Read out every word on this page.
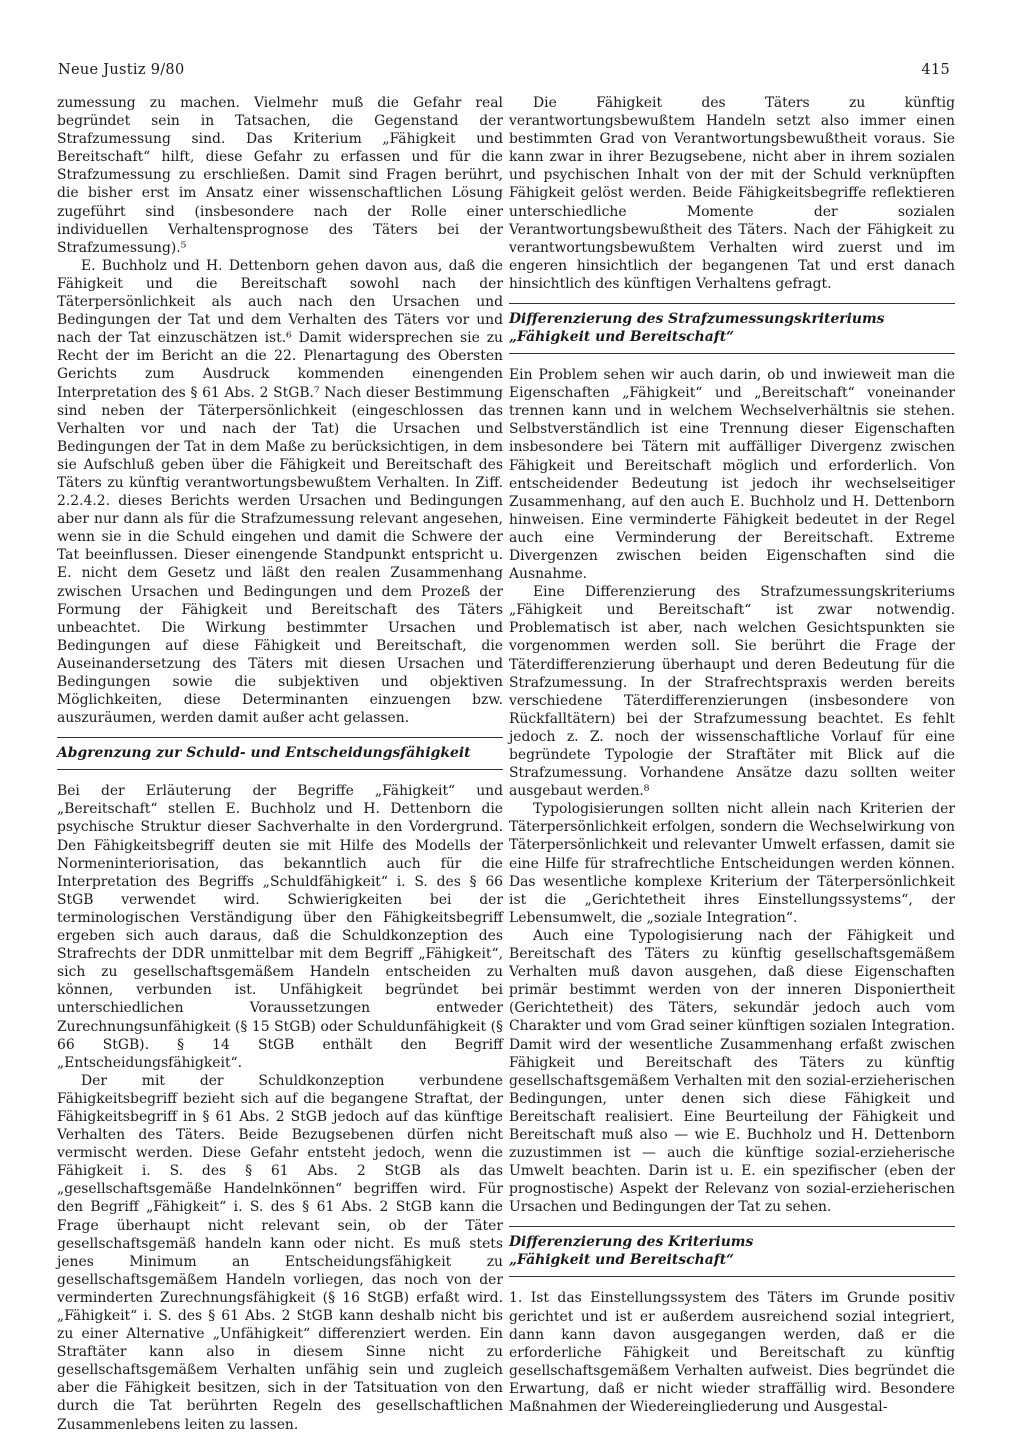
Neue Justiz 9/80	415

zumessung zu machen. Vielmehr muß die Gefahr real begründet sein in Tatsachen, die Gegenstand der Strafzumessung sind. Das Kriterium „Fähigkeit und Bereitschaft“ hilft, diese Gefahr zu erfassen und für die Strafzumessung zu erschließen. Damit sind Fragen berührt, die bisher erst im Ansatz einer wissenschaftlichen Lösung zugeführt sind (insbesondere nach der Rolle einer individuellen Verhaltensprognose des Täters bei der Strafzumessung).⁵

E. Buchholz und H. Dettenborn gehen davon aus, daß die Fähigkeit und die Bereitschaft sowohl nach der Täterpersönlichkeit als auch nach den Ursachen und Bedingungen der Tat und dem Verhalten des Täters vor und nach der Tat einzuschätzen ist.⁶ Damit widersprechen sie zu Recht der im Bericht an die 22. Plenartagung des Obersten Gerichts zum Ausdruck kommenden einengenden Interpretation des § 61 Abs. 2 StGB.⁷ Nach dieser Bestimmung sind neben der Täterpersönlichkeit (eingeschlossen das Verhalten vor und nach der Tat) die Ursachen und Bedingungen der Tat in dem Maße zu berücksichtigen, in dem sie Aufschluß geben über die Fähigkeit und Bereitschaft des Täters zu künftig verantwortungsbewußtem Verhalten. In Ziff. 2.2.4.2. dieses Berichts werden Ursachen und Bedingungen aber nur dann als für die Strafzumessung relevant angesehen, wenn sie in die Schuld eingehen und damit die Schwere der Tat beeinflussen. Dieser einengende Standpunkt entspricht u. E. nicht dem Gesetz und läßt den realen Zusammenhang zwischen Ursachen und Bedingungen und dem Prozeß der Formung der Fähigkeit und Bereitschaft des Täters unbeachtet. Die Wirkung bestimmter Ursachen und Bedingungen auf diese Fähigkeit und Bereitschaft, die Auseinandersetzung des Täters mit diesen Ursachen und Bedingungen sowie die subjektiven und objektiven Möglichkeiten, diese Determinanten einzuengen bzw. auszuräumen, werden damit außer acht gelassen.

Abgrenzung zur Schuld- und Entscheidungsfähigkeit

Bei der Erläuterung der Begriffe „Fähigkeit“ und „Bereitschaft“ stellen E. Buchholz und H. Dettenborn die psychische Struktur dieser Sachverhalte in den Vordergrund. Den Fähigkeitsbegriff deuten sie mit Hilfe des Modells der Normeninteriorisation, das bekanntlich auch für die Interpretation des Begriffs „Schuldfähigkeit“ i. S. des § 66 StGB verwendet wird. Schwierigkeiten bei der terminologischen Verständigung über den Fähigkeitsbegriff ergeben sich auch daraus, daß die Schuldkonzeption des Strafrechts der DDR unmittelbar mit dem Begriff „Fähigkeit“, sich zu gesellschaftsgemäßem Handeln entscheiden zu können, verbunden ist. Unfähigkeit begründet bei unterschiedlichen Voraussetzungen entweder Zurechnungsunfähigkeit (§ 15 StGB) oder Schuldunfähigkeit (§ 66 StGB). § 14 StGB enthält den Begriff „Entscheidungsfähigkeit“.

Der mit der Schuldkonzeption verbundene Fähigkeitsbegriff bezieht sich auf die begangene Straftat, der Fähigkeitsbegriff in § 61 Abs. 2 StGB jedoch auf das künftige Verhalten des Täters. Beide Bezugsebenen dürfen nicht vermischt werden. Diese Gefahr entsteht jedoch, wenn die Fähigkeit i. S. des § 61 Abs. 2 StGB als das „gesellschaftsgemäße Handelnkönnen“ begriffen wird. Für den Begriff „Fähigkeit“ i. S. des § 61 Abs. 2 StGB kann die Frage überhaupt nicht relevant sein, ob der Täter gesellschaftsgemäß handeln kann oder nicht. Es muß stets jenes Minimum an Entscheidungsfähigkeit zu gesellschaftsgemäßem Handeln vorliegen, das noch von der verminderten Zurechnungsfähigkeit (§ 16 StGB) erfaßt wird. „Fähigkeit“ i. S. des § 61 Abs. 2 StGB kann deshalb nicht bis zu einer Alternative „Unfähigkeit“ differenziert werden. Ein Straftäter kann also in diesem Sinne nicht zu gesellschaftsgemäßem Verhalten unfähig sein und zugleich aber die Fähigkeit besitzen, sich in der Tatsituation von den durch die Tat berührten Regeln des gesellschaftlichen Zusammenlebens leiten zu lassen.

Die Fähigkeit des Täters zu künftig verantwortungsbewußtem Handeln setzt also immer einen bestimmten Grad von Verantwortungsbewußtheit voraus. Sie kann zwar in ihrer Bezugsebene, nicht aber in ihrem sozialen und psychischen Inhalt von der mit der Schuld verknüpften Fähigkeit gelöst werden. Beide Fähigkeitsbegriffe reflektieren unterschiedliche Momente der sozialen Verantwortungsbewußtheit des Täters. Nach der Fähigkeit zu verantwortungsbewußtem Verhalten wird zuerst und im engeren hinsichtlich der begangenen Tat und erst danach hinsichtlich des künftigen Verhaltens gefragt.

Differenzierung des Strafzumessungskriteriums
„Fähigkeit und Bereitschaft“

Ein Problem sehen wir auch darin, ob und inwieweit man die Eigenschaften „Fähigkeit“ und „Bereitschaft“ voneinander trennen kann und in welchem Wechselverhältnis sie stehen. Selbstverständlich ist eine Trennung dieser Eigenschaften insbesondere bei Tätern mit auffälliger Divergenz zwischen Fähigkeit und Bereitschaft möglich und erforderlich. Von entscheidender Bedeutung ist jedoch ihr wechselseitiger Zusammenhang, auf den auch E. Buchholz und H. Dettenborn hinweisen. Eine verminderte Fähigkeit bedeutet in der Regel auch eine Verminderung der Bereitschaft. Extreme Divergenzen zwischen beiden Eigenschaften sind die Ausnahme.

Eine Differenzierung des Strafzumessungskriteriums „Fähigkeit und Bereitschaft“ ist zwar notwendig. Problematisch ist aber, nach welchen Gesichtspunkten sie vorgenommen werden soll. Sie berührt die Frage der Täterdifferenzierung überhaupt und deren Bedeutung für die Strafzumessung. In der Strafrechtspraxis werden bereits verschiedene Täterdifferenzierungen (insbesondere von Rückfalltätern) bei der Strafzumessung beachtet. Es fehlt jedoch z. Z. noch der wissenschaftliche Vorlauf für eine begründete Typologie der Straftäter mit Blick auf die Strafzumessung. Vorhandene Ansätze dazu sollten weiter ausgebaut werden.⁸

Typologisierungen sollten nicht allein nach Kriterien der Täterpersönlichkeit erfolgen, sondern die Wechselwirkung von Täterpersönlichkeit und relevanter Umwelt erfassen, damit sie eine Hilfe für strafrechtliche Entscheidungen werden können. Das wesentliche komplexe Kriterium der Täterpersönlichkeit ist die „Gerichtetheit ihres Einstellungssystems“, der Lebensumwelt, die „soziale Integration“.

Auch eine Typologisierung nach der Fähigkeit und Bereitschaft des Täters zu künftig gesellschaftsgemäßem Verhalten muß davon ausgehen, daß diese Eigenschaften primär bestimmt werden von der inneren Disponiertheit (Gerichtetheit) des Täters, sekundär jedoch auch vom Charakter und vom Grad seiner künftigen sozialen Integration. Damit wird der wesentliche Zusammenhang erfaßt zwischen Fähigkeit und Bereitschaft des Täters zu künftig gesellschaftsgemäßem Verhalten mit den sozial-erzieherischen Bedingungen, unter denen sich diese Fähigkeit und Bereitschaft realisiert. Eine Beurteilung der Fähigkeit und Bereitschaft muß also — wie E. Buchholz und H. Dettenborn zuzustimmen ist — auch die künftige sozial-erzieherische Umwelt beachten. Darin ist u. E. ein spezifischer (eben der prognostische) Aspekt der Relevanz von sozial-erzieherischen Ursachen und Bedingungen der Tat zu sehen.

Differenzierung des Kriteriums
„Fähigkeit und Bereitschaft“

1. Ist das Einstellungssystem des Täters im Grunde positiv gerichtet und ist er außerdem ausreichend sozial integriert, dann kann davon ausgegangen werden, daß er die erforderliche Fähigkeit und Bereitschaft zu künftig gesellschaftsgemäßem Verhalten aufweist. Dies begründet die Erwartung, daß er nicht wieder straffällig wird. Besondere Maßnahmen der Wiedereingliederung und Ausgestal-
